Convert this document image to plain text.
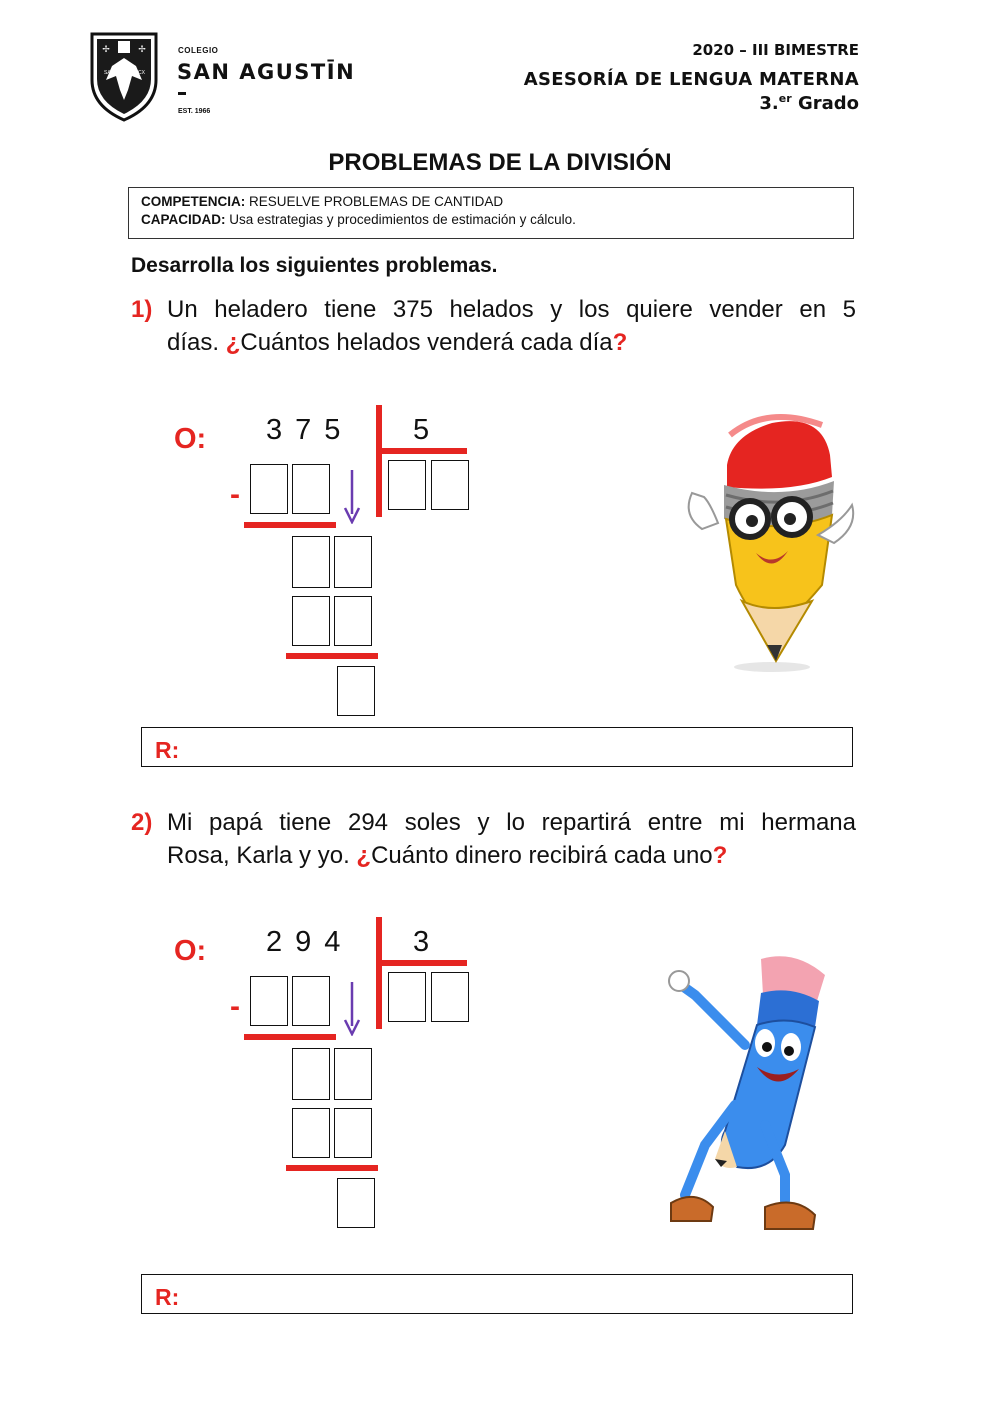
✢	✢
SA	CX
COLEGIO
SAN AGUSTĪN
EST. 1966
2020 – III BIMESTRE
ASESORÍA DE LENGUA MATERNA
3.$^{er}$ Grado
PROBLEMAS DE LA DIVISIÓN
COMPETENCIA: RESUELVE PROBLEMAS DE CANTIDAD
CAPACIDAD: Usa estrategias y procedimientos de estimación y cálculo.
Desarrolla los siguientes problemas.
1) Un heladero tiene 375 helados y los quiere vender en 5
días. ¿Cuántos helados venderá cada día?
O: 375 5
-
R:
2) Mi papá tiene 294 soles y lo repartirá entre mi hermana
Rosa, Karla y yo. ¿Cuánto dinero recibirá cada uno?
O: 294 3
-
R:
